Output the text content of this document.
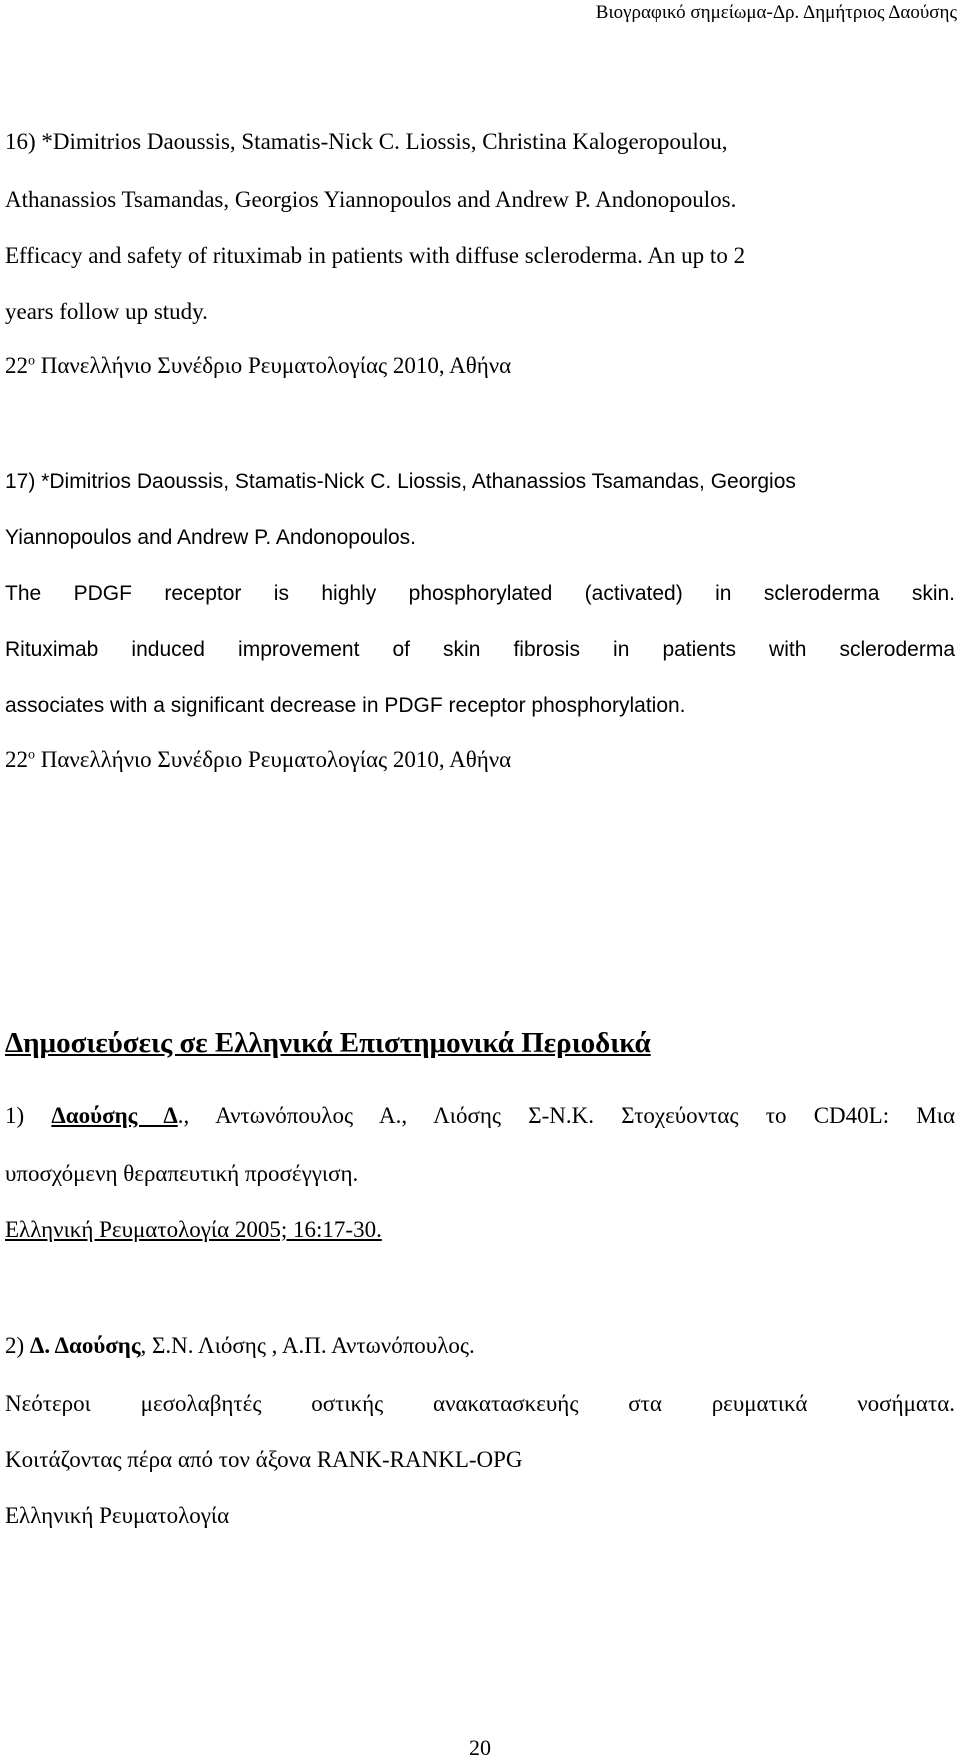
Βιογραφικό σημείωμα-Δρ. Δημήτριος Δαούσης
16) *Dimitrios Daoussis, Stamatis-Nick C. Liossis, Christina Kalogeropoulou,
Athanassios Tsamandas, Georgios Yiannopoulos and Andrew P. Andonopoulos.
Efficacy and safety of rituximab in patients with diffuse scleroderma. An up to 2
years follow up study.
$22^o$ Πανελλήνιο Συνέδριο Ρευματολογίας 2010, Αθήνα
17) *Dimitrios Daoussis, Stamatis-Nick C. Liossis, Athanassios Tsamandas, Georgios
Yiannopoulos and Andrew P. Andonopoulos.
The PDGF receptor is highly phosphorylated (activated) in scleroderma skin.
Rituximab induced improvement of skin fibrosis in patients with scleroderma
associates with a significant decrease in PDGF receptor phosphorylation.
$22^o$ Πανελλήνιο Συνέδριο Ρευματολογίας 2010, Αθήνα
Δημοσιεύσεις σε Ελληνικά Επιστημονικά Περιοδικά
1) Δαούσης Δ., Αντωνόπουλος Α., Λιόσης Σ-Ν.Κ. Στοχεύοντας το CD40L: Μια
υποσχόμενη θεραπευτική προσέγγιση.
Ελληνική Ρευματολογία 2005; 16:17-30.
2) Δ. Δαούσης, Σ.Ν. Λιόσης , Α.Π. Αντωνόπουλος.
Νεότεροι μεσολαβητές οστικής ανακατασκευής στα ρευματικά νοσήματα.
Κοιτάζοντας πέρα από τον άξονα RANK-RANKL-OPG
Ελληνική Ρευματολογία
20
